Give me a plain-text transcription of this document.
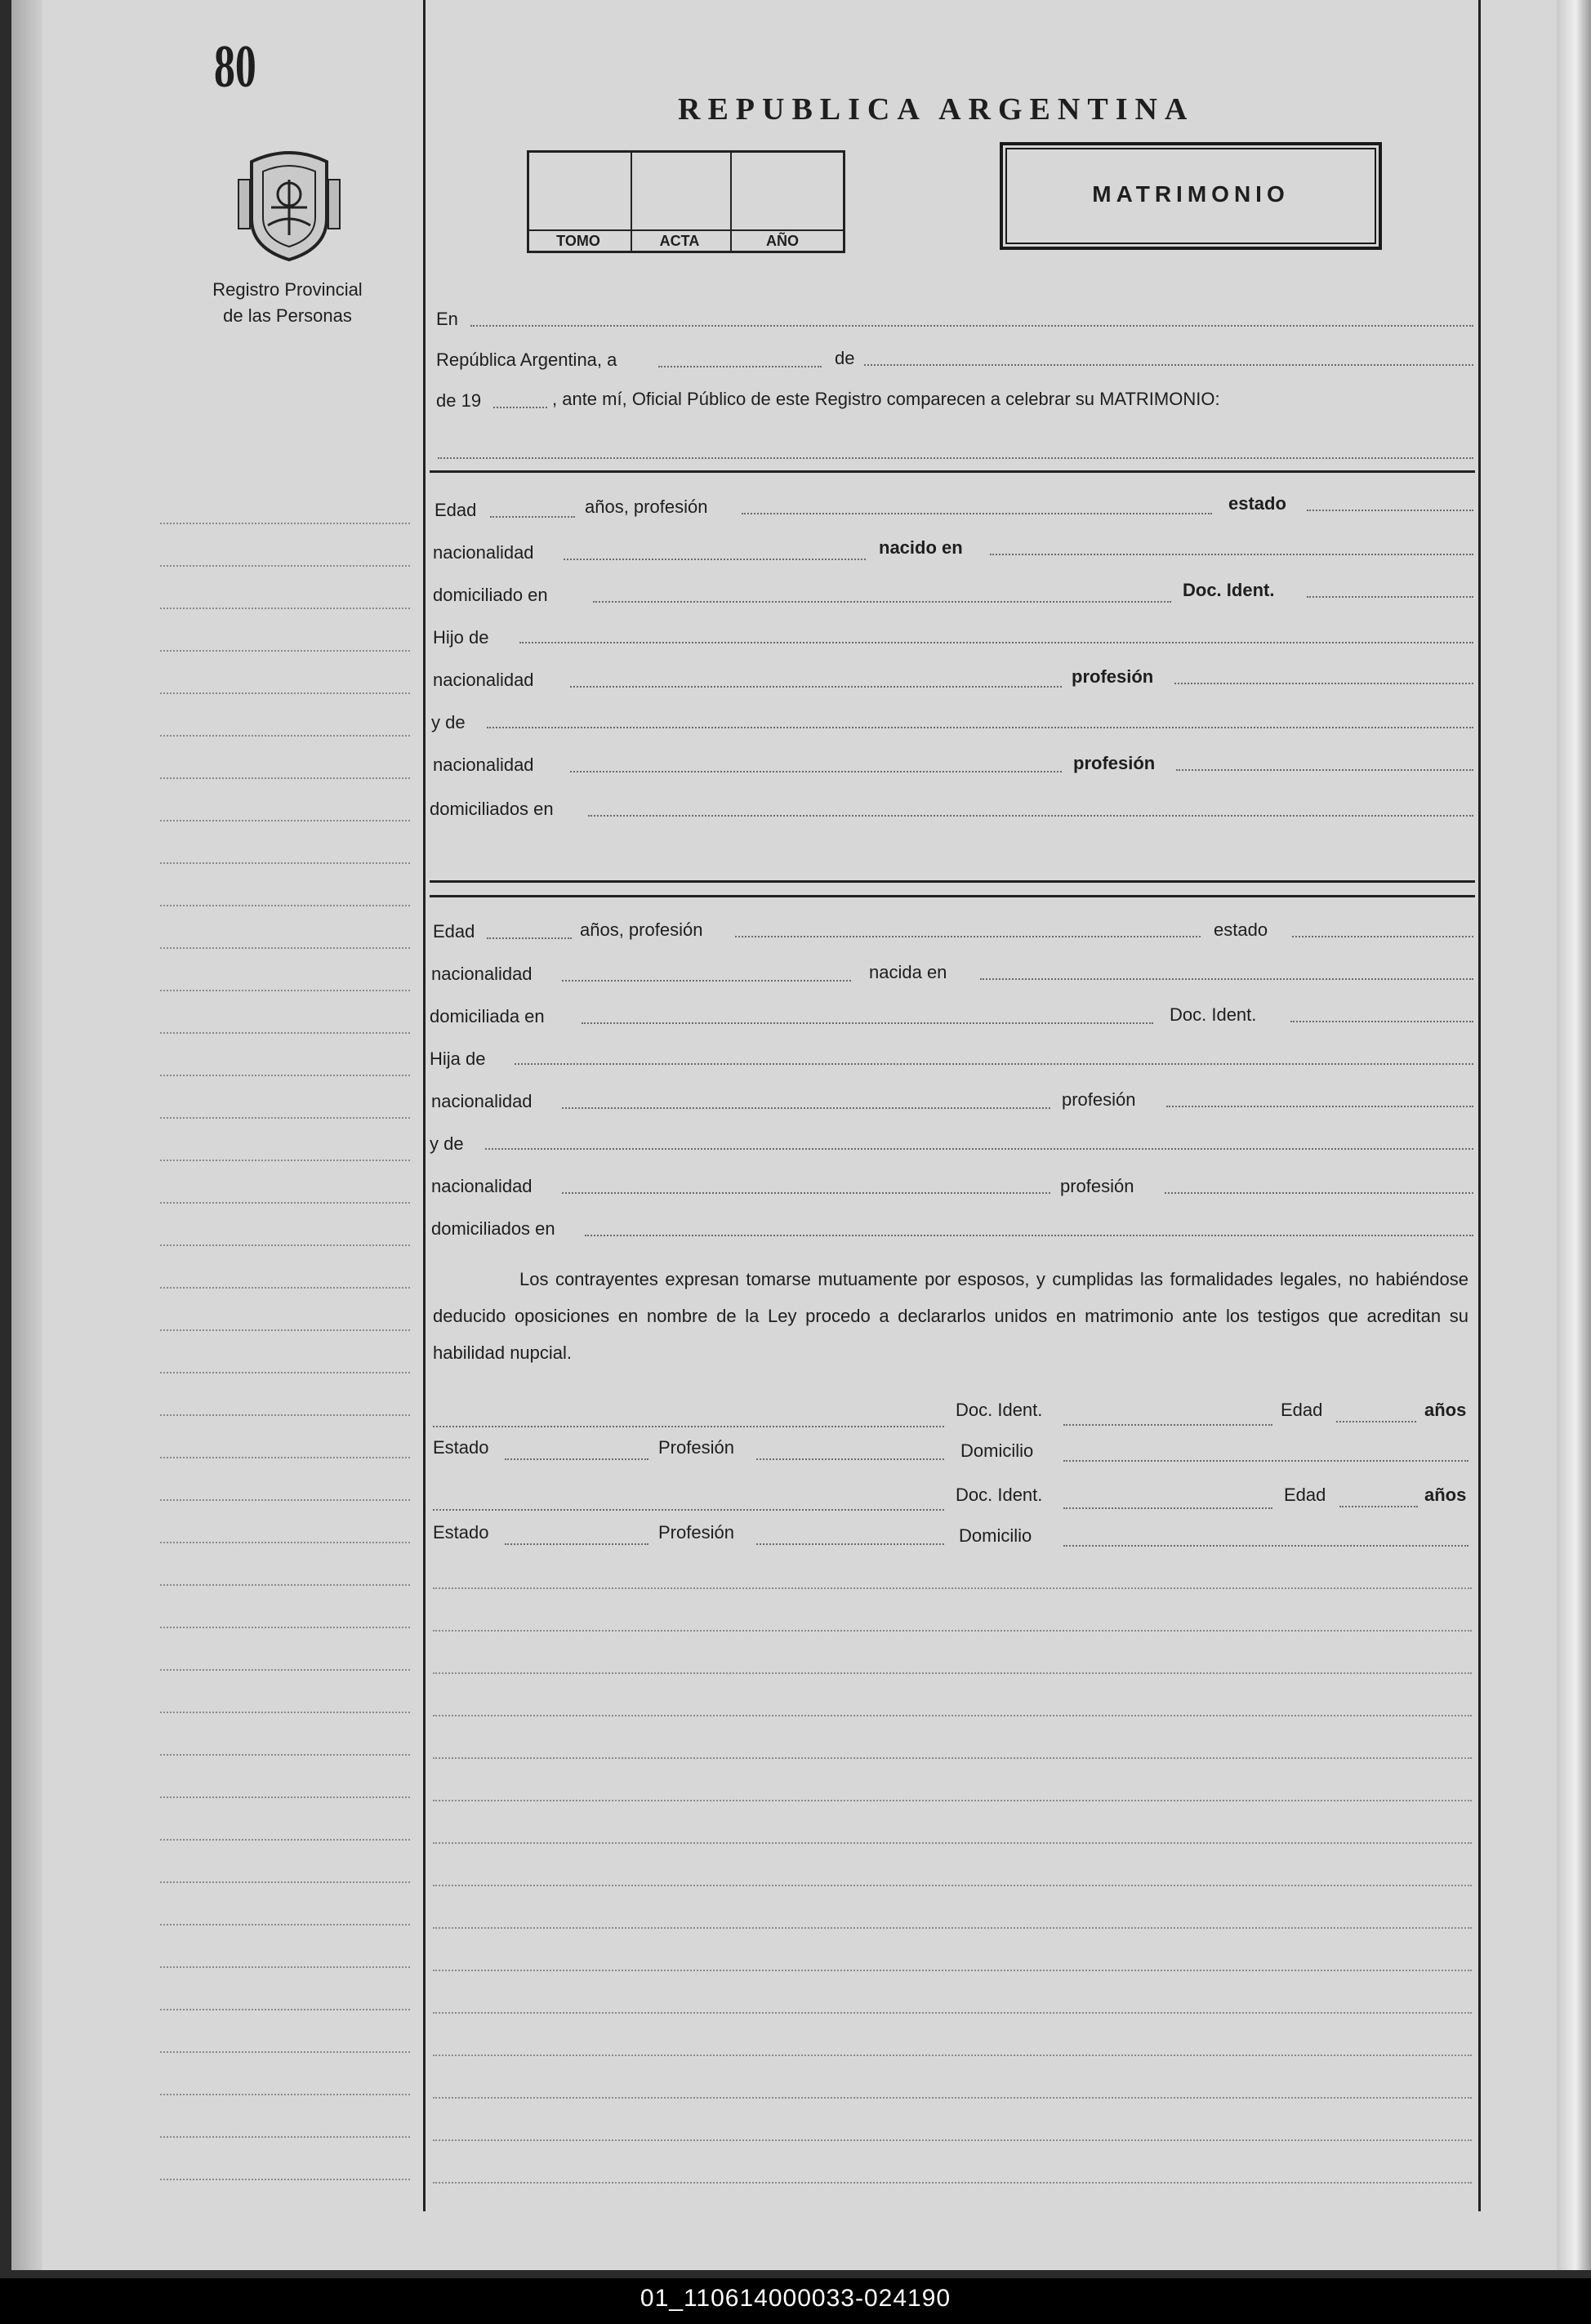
80
Registro Provincial
de las Personas
REPUBLICA ARGENTINA
TOMO	ACTA	AÑO
MATRIMONIO
En
República Argentina, a	de
de 19	, ante mí, Oficial Público de este Registro comparecen a celebrar su MATRIMONIO:
Edad	años, profesión	estado
nacionalidad	nacido en
domiciliado en	Doc. Ident.
Hijo de
nacionalidad	profesión
y de
nacionalidad	profesión
domiciliados en
Edad	años, profesión	estado
nacionalidad	nacida en
domiciliada en	Doc. Ident.
Hija de
nacionalidad	profesión
y de
nacionalidad	profesión
domiciliados en
Los contrayentes expresan tomarse mutuamente por esposos, y cumplidas las formalidades legales, no habiéndose deducido oposiciones en nombre de la Ley procedo a declararlos unidos en matrimonio ante los testigos que acreditan su habilidad nupcial.
Doc. Ident.	Edad	años
Estado	Profesión	Domicilio
Doc. Ident.	Edad	años
Estado	Profesión	Domicilio
01_110614000033-024190
